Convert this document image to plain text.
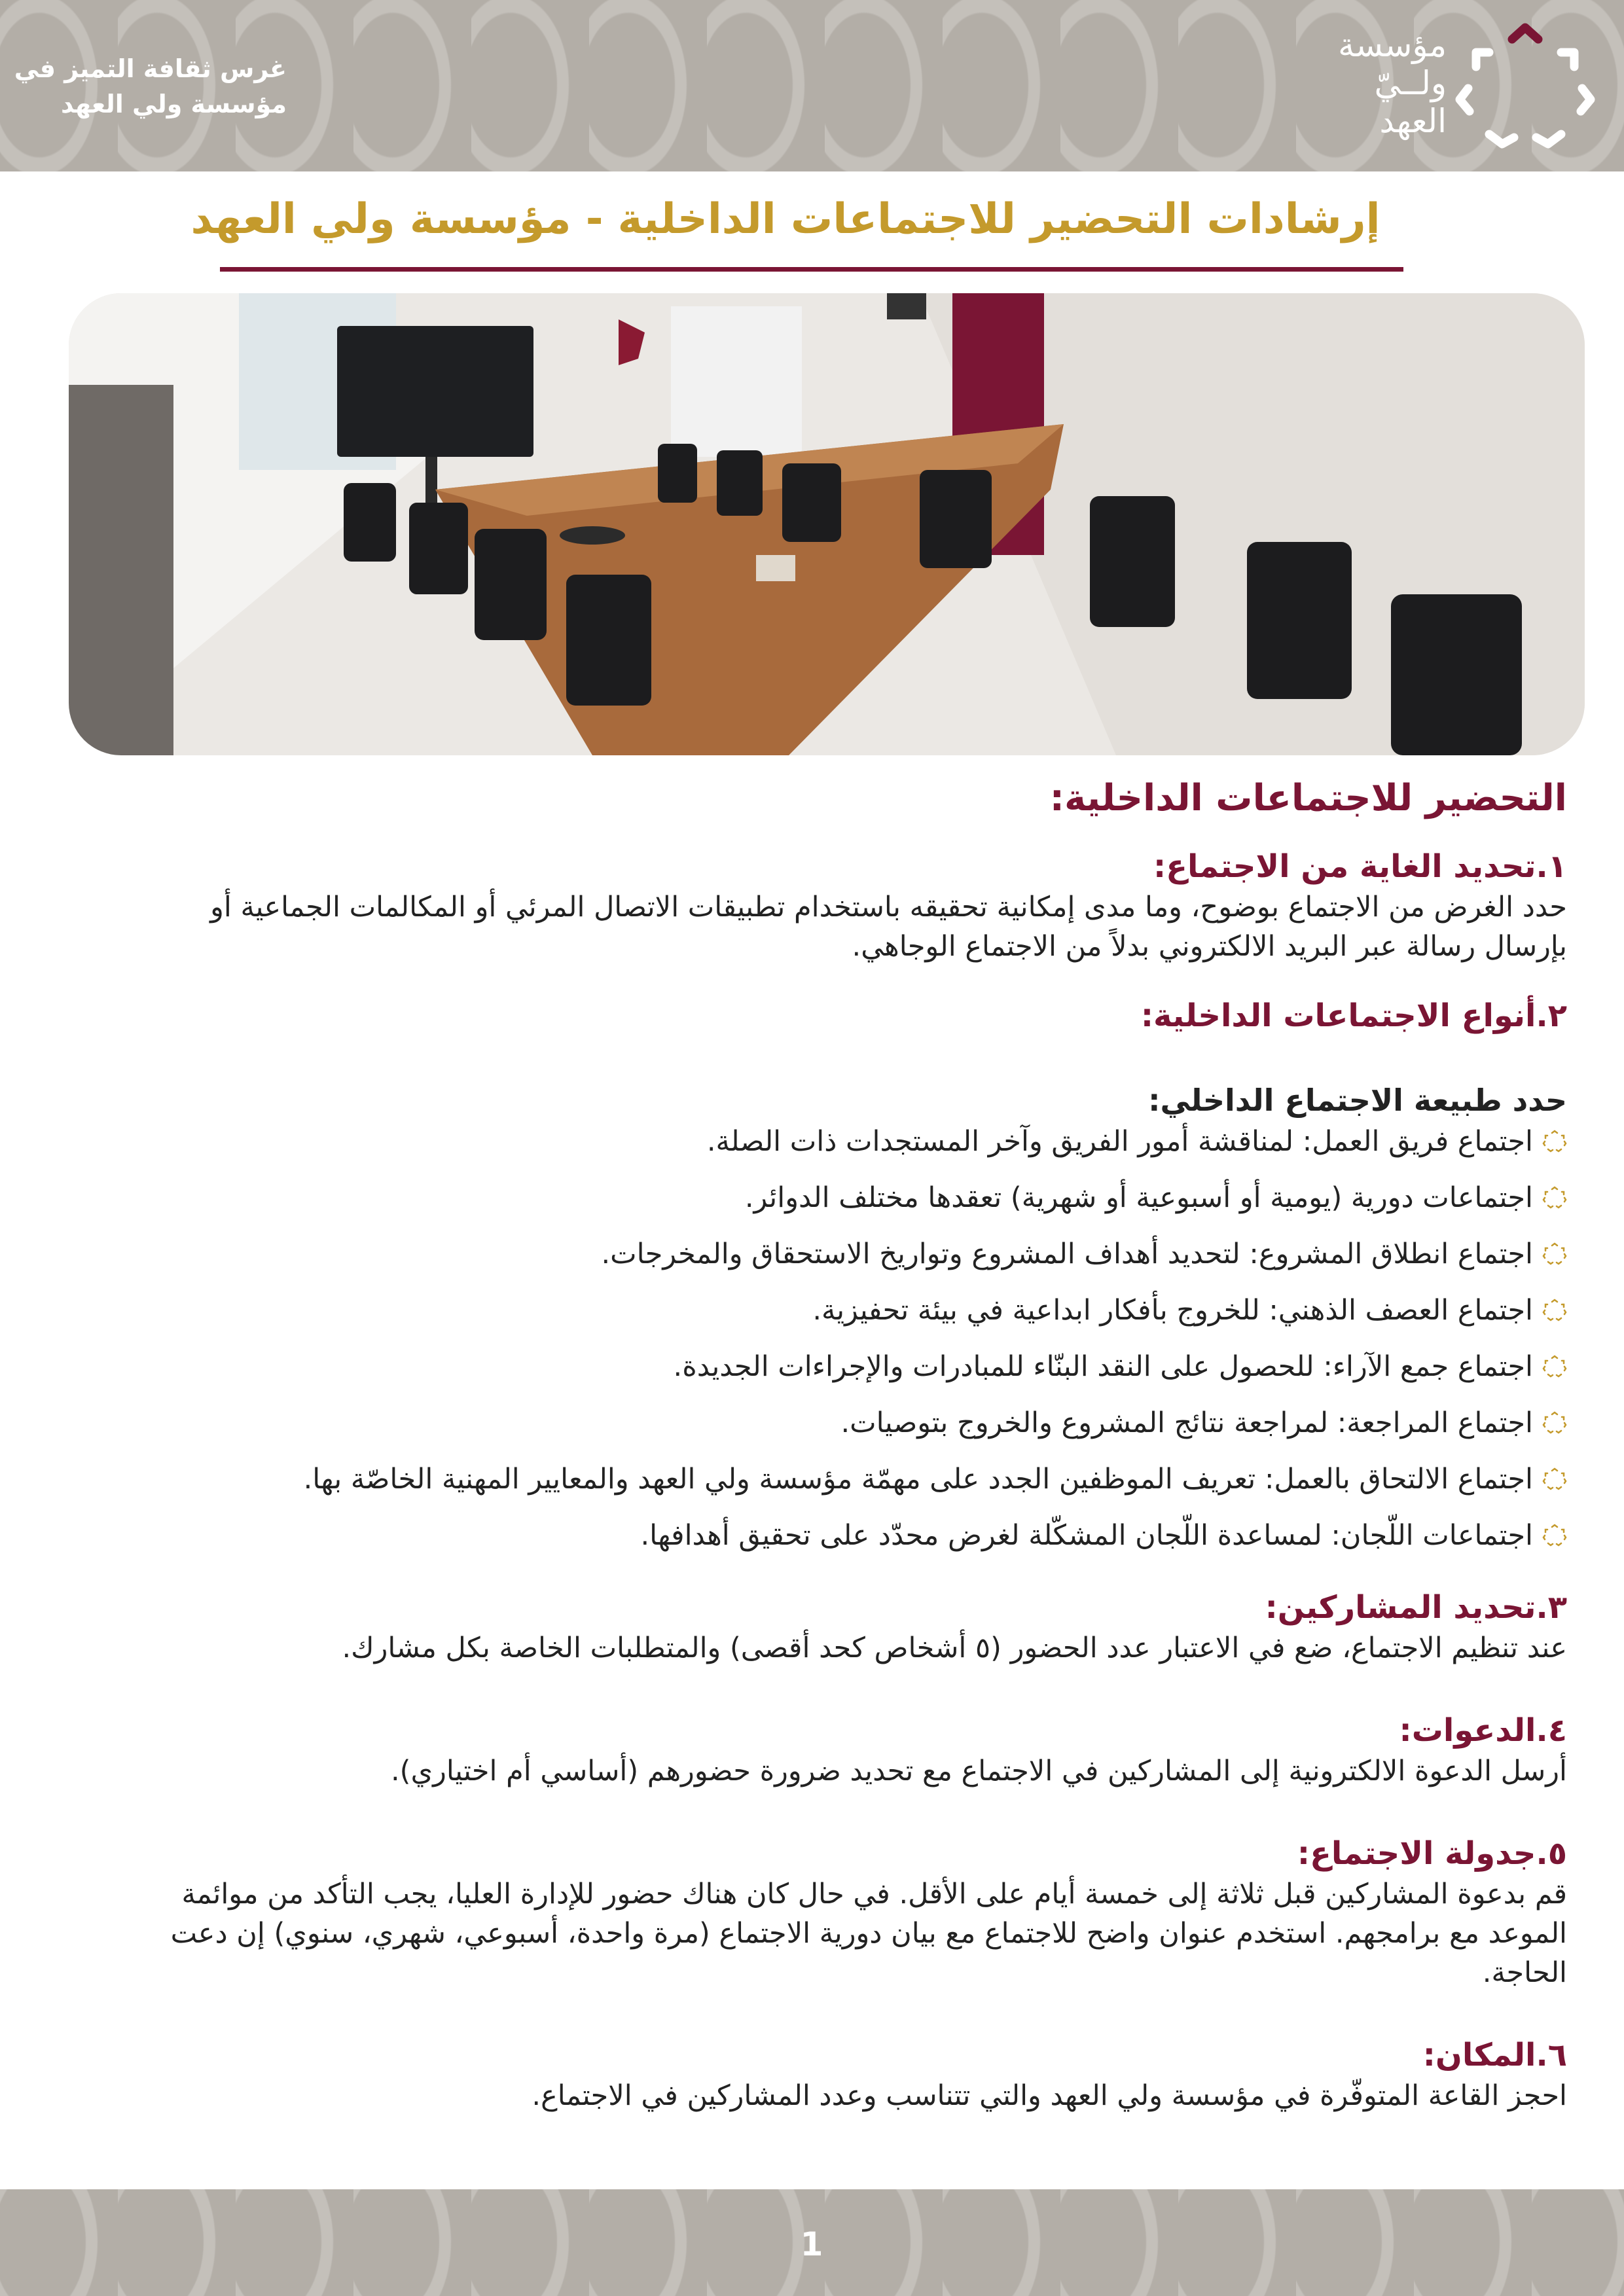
غرس ثقافة التميز في
مؤسسة ولي العهد
مؤسسة
ولــيّ
العهد
إرشادات التحضير للاجتماعات الداخلية - مؤسسة ولي العهد
التحضير للاجتماعات الداخلية:
١.تحديد الغاية من الاجتماع:

حدد الغرض من الاجتماع بوضوح، وما مدى إمكانية تحقيقه باستخدام تطبيقات الاتصال المرئي أو المكالمات الجماعية أو

بإرسال رسالة عبر البريد الالكتروني بدلاً من الاجتماع الوجاهي.

٢.أنواع الاجتماعات الداخلية:

حدد طبيعة الاجتماع الداخلي:

اجتماع فريق العمل: لمناقشة أمور الفريق وآخر المستجدات ذات الصلة.
اجتماعات دورية (يومية أو أسبوعية أو شهرية) تعقدها مختلف الدوائر.
اجتماع انطلاق المشروع: لتحديد أهداف المشروع وتواريخ الاستحقاق والمخرجات.
اجتماع العصف الذهني: للخروج بأفكار ابداعية في بيئة تحفيزية.
اجتماع جمع الآراء: للحصول على النقد البنّاء للمبادرات والإجراءات الجديدة.
اجتماع المراجعة: لمراجعة نتائج المشروع والخروج بتوصيات.
اجتماع الالتحاق بالعمل: تعريف الموظفين الجدد على مهمّة مؤسسة ولي العهد والمعايير المهنية الخاصّة بها.
اجتماعات اللّجان: لمساعدة اللّجان المشكّلة لغرض محدّد على تحقيق أهدافها.
٣.تحديد المشاركين:

عند تنظيم الاجتماع، ضع في الاعتبار عدد الحضور (٥ أشخاص كحد أقصى) والمتطلبات الخاصة بكل مشارك.

٤.الدعوات:

أرسل الدعوة الالكترونية إلى المشاركين في الاجتماع مع تحديد ضرورة حضورهم (أساسي أم اختياري).

٥.جدولة الاجتماع:

قم بدعوة المشاركين قبل ثلاثة إلى خمسة أيام على الأقل. في حال كان هناك حضور للإدارة العليا، يجب التأكد من موائمة

الموعد مع برامجهم. استخدم عنوان واضح للاجتماع مع بيان دورية الاجتماع (مرة واحدة، أسبوعي، شهري، سنوي) إن دعت

الحاجة.

٦.المكان:

احجز القاعة المتوفّرة في مؤسسة ولي العهد والتي تتناسب وعدد المشاركين في الاجتماع.

1
